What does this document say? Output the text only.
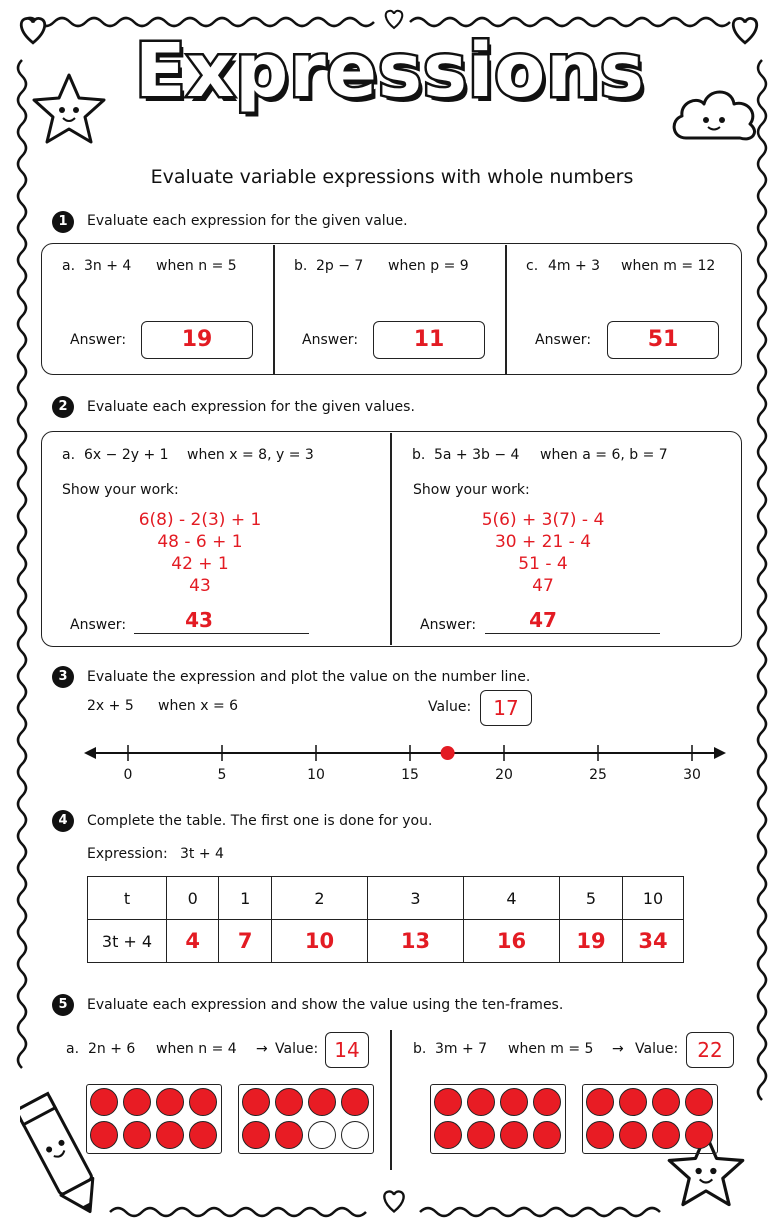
Expressions
Evaluate variable expressions with whole numbers
1	Evaluate each expression for the given value.
a. 3n + 4 when n = 5
Answer:	19
b. 2p − 7 when p = 9
Answer:	11
c. 4m + 3 when m = 12
Answer:	51
2	Evaluate each expression for the given values.
a. 6x − 2y + 1 when x = 8, y = 3
Show your work:
6(8) - 2(3) + 1
48 - 6 + 1
42 + 1
43
Answer:	43
b. 5a + 3b − 4 when a = 6, b = 7
Show your work:
5(6) + 3(7) - 4
30 + 21 - 4
51 - 4
47
Answer:	47
3	Evaluate the expression and plot the value on the number line.
2x + 5 when x = 6	Value:	17
0	5	10	15	20	25	30
4	Complete the table. The first one is done for you.
Expression: 3t + 4
t	0	1	2	3	4	5	10
3t + 4	4	7	10	13	16	19	34
5	Evaluate each expression and show the value using the ten-frames.
a. 2n + 6 when n = 4 → Value: 14	b. 3m + 7 when m = 5 → Value: 22
